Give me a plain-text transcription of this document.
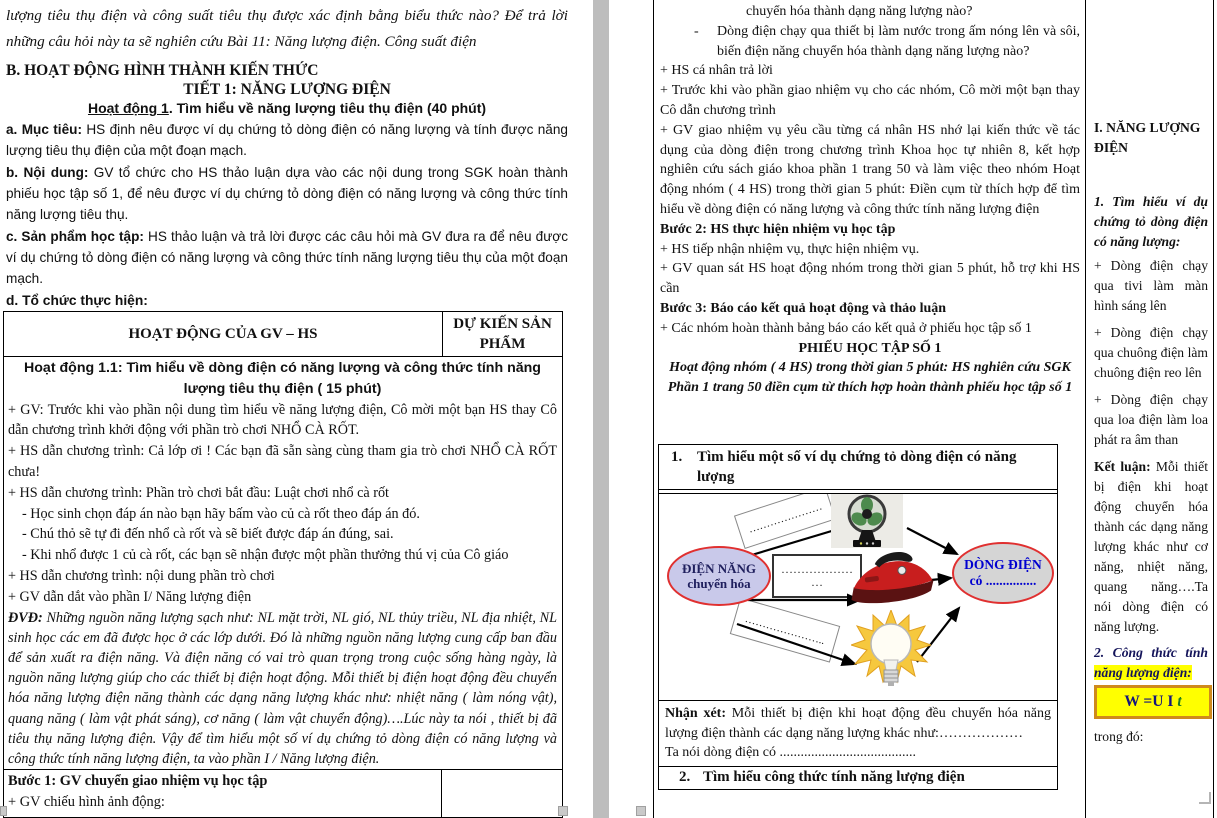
lượng tiêu thụ điện và công suất tiêu thụ được xác định bằng biểu thức nào? Để trả lời những câu hỏi này ta sẽ nghiên cứu Bài 11: Năng lượng điện. Công suất điện
B. HOẠT ĐỘNG HÌNH THÀNH KIẾN THỨC
TIẾT 1: NĂNG LƯỢNG ĐIỆN
Hoạt động 1. Tìm hiểu về năng lượng tiêu thụ điện (40 phút)
a. Mục tiêu: HS định nêu được ví dụ chứng tỏ dòng điện có năng lượng và tính được năng lượng tiêu thụ điện của một đoạn mạch.
b. Nội dung: GV tổ chức cho HS thảo luận dựa vào các nội dung trong SGK hoàn thành phiếu học tập số 1, để nêu được ví dụ chứng tỏ dòng điện có năng lượng và công thức tính năng lượng tiêu thụ.
c. Sản phẩm học tập: HS thảo luận và trả lời được các câu hỏi mà GV đưa ra để nêu được ví dụ chứng tỏ dòng điện có năng lượng và công thức tính năng lượng tiêu thụ của một đoạn mạch.
d. Tổ chức thực hiện:
HOẠT ĐỘNG CỦA GV – HS
DỰ KIẾN SẢN PHẨM

Hoạt động 1.1: Tìm hiểu về dòng điện có năng lượng và công thức tính năng lượng tiêu thụ điện ( 15 phút)

+ GV: Trước khi vào phần nội dung tìm hiểu về năng lượng điện, Cô mời một bạn HS thay Cô dẫn chương trình khởi động với phần trò chơi NHỔ CÀ RỐT.

+ HS dẫn chương trình: Cả lớp ơi ! Các bạn đã sẵn sàng cùng tham gia trò chơi NHỔ CÀ RỐT chưa!

+ HS dẫn chương trình: Phần trò chơi bắt đầu: Luật chơi nhổ cà rốt

- Học sinh chọn đáp án nào bạn hãy bấm vào củ cà rốt theo đáp án đó.

- Chú thỏ sẽ tự đi đến nhổ cà rốt và sẽ biết được đáp án đúng, sai.

- Khi nhổ được 1 củ cà rốt, các bạn sẽ nhận được một phần thưởng thú vị của Cô giáo

+ HS dẫn chương trình: nội dung phần trò chơi

+ GV dẫn dắt vào phần I/ Năng lượng điện

ĐVĐ: Những nguồn năng lượng sạch như: NL mặt trời, NL gió, NL thủy triều, NL địa nhiệt, NL sinh học các em đã được học ở các lớp dưới. Đó là những nguồn năng lượng cung cấp ban đầu để sản xuất ra điện năng. Và điện năng có vai trò quan trọng trong cuộc sống hàng ngày, là nguồn năng lượng giúp cho các thiết bị điện hoạt động. Mỗi thiết bị điện hoạt động đều chuyển hóa năng lượng điện năng thành các dạng năng lượng khác như: nhiệt năng ( làm nóng vật), quang năng ( làm vật phát sáng), cơ năng ( làm vật chuyển động)….Lúc này ta nói , thiết bị đã tiêu thụ năng lượng điện. Vậy để tìm hiểu một số ví dụ chứng tỏ dòng điện có năng lượng và công thức tính năng lượng điện, ta vào phần I / Năng lượng điện.

Bước 1: GV chuyển giao nhiệm vụ học tập

+ GV chiếu hình ảnh động:

chuyển hóa thành dạng năng lượng nào?

- Dòng điện chạy qua thiết bị làm nước trong ấm nóng lên và sôi, biến điện năng chuyển hóa thành dạng năng lượng nào?

+ HS cá nhân trả lời

+ Trước khi vào phần giao nhiệm vụ cho các nhóm, Cô mời một bạn thay Cô dẫn chương trình

+ GV giao nhiệm vụ yêu cầu từng cá nhân HS nhớ lại kiến thức về tác dụng của dòng điện trong chương trình Khoa học tự nhiên 8, kết hợp nghiên cứu sách giáo khoa phần 1 trang 50 và làm việc theo nhóm Hoạt động nhóm ( 4 HS) trong thời gian 5 phút: Điền cụm từ thích hợp để tìm hiểu về dòng điện có năng lượng và công thức tính năng lượng điện

Bước 2: HS thực hiện nhiệm vụ học tập

+ HS tiếp nhận nhiệm vụ, thực hiện nhiệm vụ.

+ GV quan sát HS hoạt động nhóm trong thời gian 5 phút, hỗ trợ khi HS cần

Bước 3: Báo cáo kết quả hoạt động và thảo luận

+ Các nhóm hoàn thành bảng báo cáo kết quả ở phiếu học tập số 1

PHIẾU HỌC TẬP SỐ 1

Hoạt động nhóm ( 4 HS) trong thời gian 5 phút: HS nghiên cứu SGK Phần 1 trang 50 điền cụm từ thích hợp hoàn thành phiếu học tập số 1

I. NĂNG LƯỢNG ĐIỆN

1. Tìm hiểu ví dụ chứng tỏ dòng điện có năng lượng:

+ Dòng điện chạy qua tivi làm màn hình sáng lên

+ Dòng điện chạy qua chuông điện làm chuông điện reo lên

+ Dòng điện chạy qua loa điện làm loa phát ra âm than

Kết luận: Mỗi thiết bị điện khi hoạt động chuyển hóa thành các dạng năng lượng khác như cơ năng, nhiệt năng, quang năng….Ta nói dòng điện có năng lượng.

2. Công thức tính năng lượng điện:

W =U I t

trong đó:

1. Tìm hiểu một số ví dụ chứng tỏ dòng điện có năng lượng
…………………
………………
…
…………………..
ĐIỆN NĂNG
chuyển hóa
DÒNG ĐIỆN
có ...............

Nhận xét: Mỗi thiết bị điện khi hoạt động đều chuyển hóa năng lượng điện thành các dạng năng lượng khác như:………………

Ta nói dòng điện có .......................................

2. Tìm hiểu công thức tính năng lượng điện
